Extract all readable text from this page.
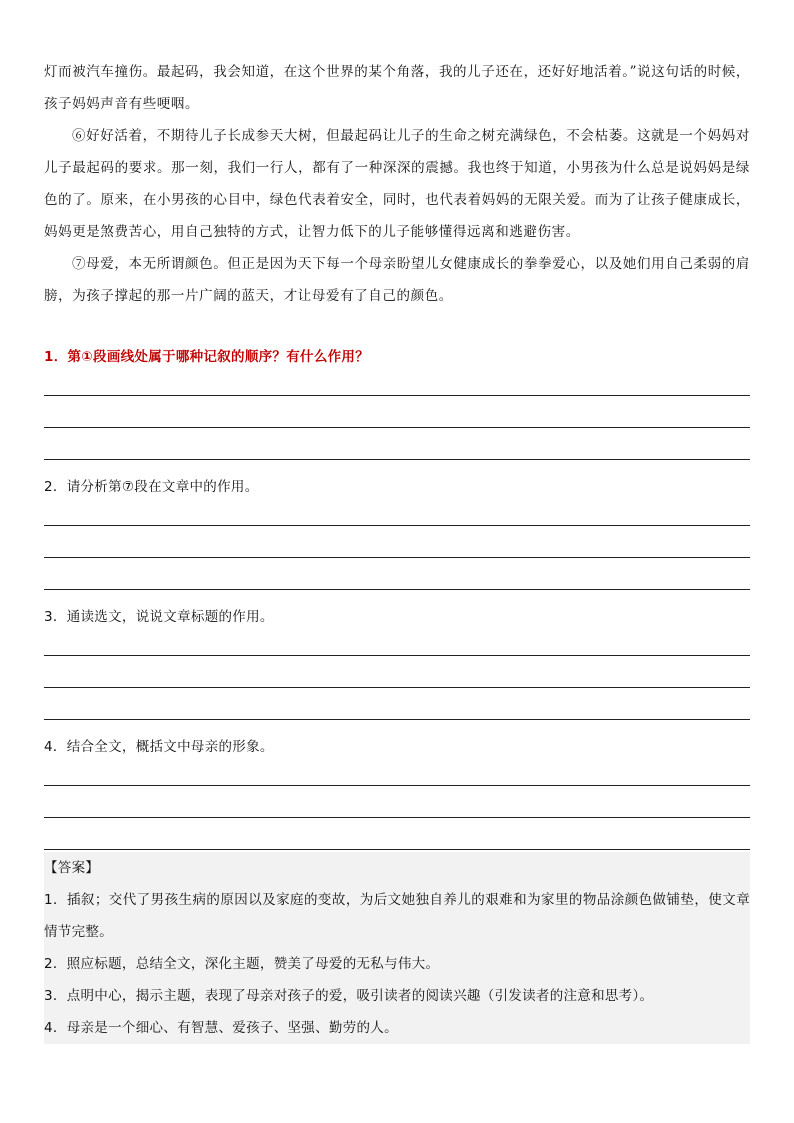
灯而被汽车撞伤。最起码，我会知道，在这个世界的某个角落，我的儿子还在，还好好地活着。”说这句话的时候，孩子妈妈声音有些哽咽。

⑥好好活着，不期待儿子长成参天大树，但最起码让儿子的生命之树充满绿色，不会枯萎。这就是一个妈妈对儿子最起码的要求。那一刻，我们一行人，都有了一种深深的震撼。我也终于知道，小男孩为什么总是说妈妈是绿色的了。原来，在小男孩的心目中，绿色代表着安全，同时，也代表着妈妈的无限关爱。而为了让孩子健康成长，妈妈更是煞费苦心，用自己独特的方式，让智力低下的儿子能够懂得远离和逃避伤害。

⑦母爱，本无所谓颜色。但正是因为天下每一个母亲盼望儿女健康成长的拳拳爱心，以及她们用自己柔弱的肩膀，为孩子撑起的那一片广阔的蓝天，才让母爱有了自己的颜色。

1．第①段画线处属于哪种记叙的顺序？有什么作用？

2．请分析第⑦段在文章中的作用。

3．通读选文，说说文章标题的作用。

4．结合全文，概括文中母亲的形象。

【答案】

1．插叙；交代了男孩生病的原因以及家庭的变故，为后文她独自养儿的艰难和为家里的物品涂颜色做铺垫，使文章情节完整。

2．照应标题，总结全文，深化主题，赞美了母爱的无私与伟大。

3．点明中心，揭示主题，表现了母亲对孩子的爱，吸引读者的阅读兴趣（引发读者的注意和思考）。

4．母亲是一个细心、有智慧、爱孩子、坚强、勤劳的人。
